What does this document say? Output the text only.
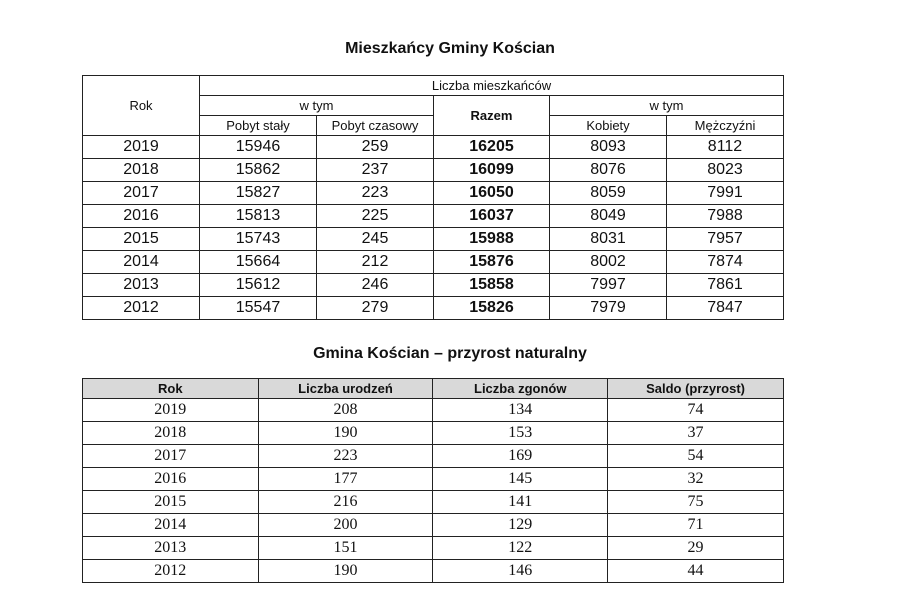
Mieszkańcy Gminy Kościan
Rok	Liczba mieszkańców				
	w tym		Razem	w tym	
	Pobyt stały	Pobyt czasowy		Kobiety	Mężczyźni
2019	15946	259	16205	8093	8112
2018	15862	237	16099	8076	8023
2017	15827	223	16050	8059	7991
2016	15813	225	16037	8049	7988
2015	15743	245	15988	8031	7957
2014	15664	212	15876	8002	7874
2013	15612	246	15858	7997	7861
2012	15547	279	15826	7979	7847
Gmina Kościan – przyrost naturalny
Rok	Liczba urodzeń	Liczba zgonów	Saldo (przyrost)
2019	208	134	74
2018	190	153	37
2017	223	169	54
2016	177	145	32
2015	216	141	75
2014	200	129	71
2013	151	122	29
2012	190	146	44
